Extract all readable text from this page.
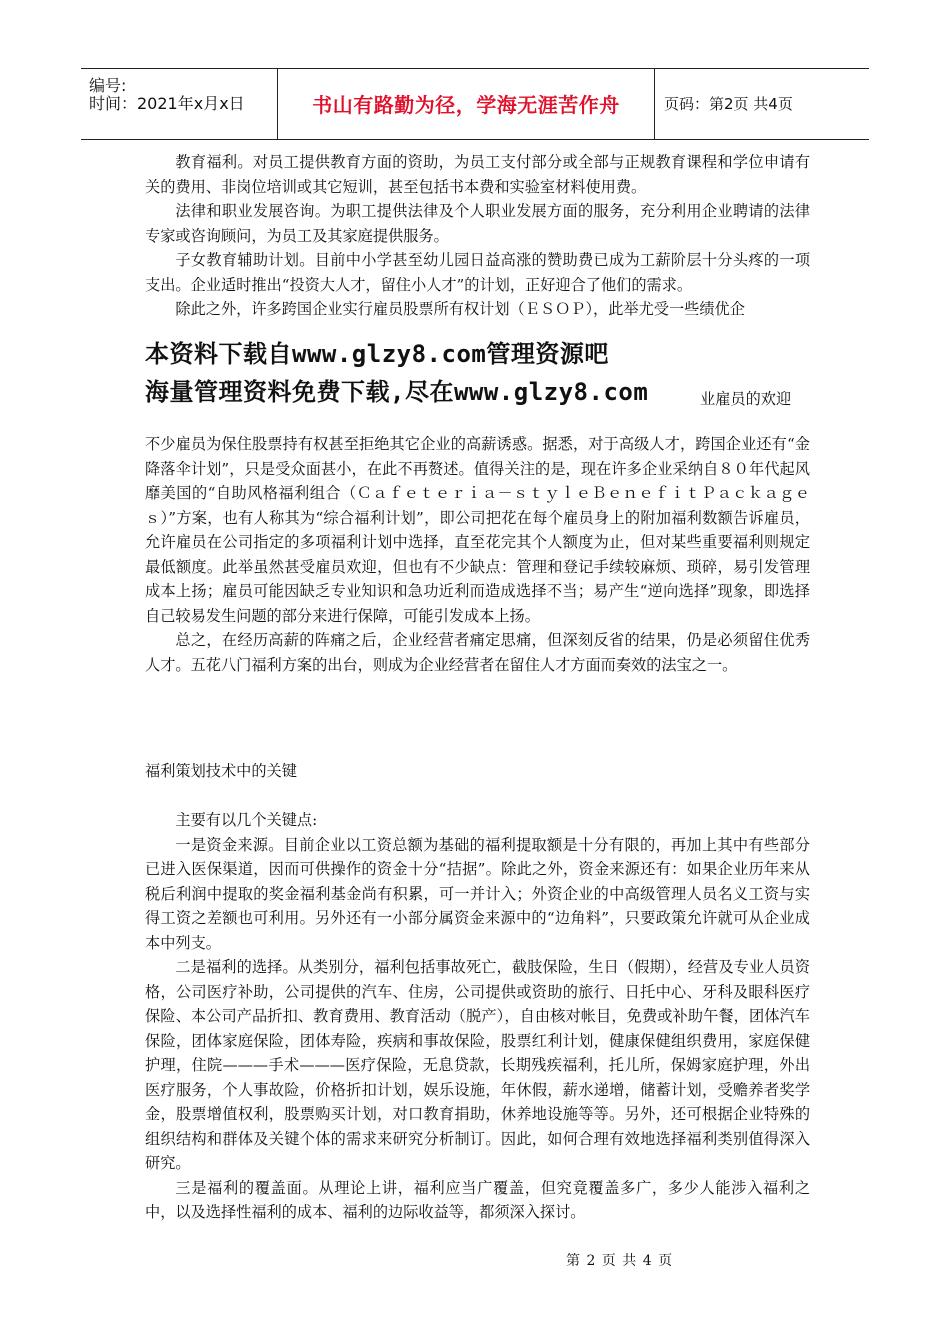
编号:
时间：2021年x月x日	书山有路勤为径，学海无涯苦作舟	页码：第2页 共4页

教育福利。对员工提供教育方面的资助，为员工支付部分或全部与正规教育课程和学位申请有关的费用、非岗位培训或其它短训，甚至包括书本费和实验室材料使用费。

法律和职业发展咨询。为职工提供法律及个人职业发展方面的服务，充分利用企业聘请的法律专家或咨询顾问，为员工及其家庭提供服务。

子女教育辅助计划。目前中小学甚至幼儿园日益高涨的赞助费已成为工薪阶层十分头疼的一项支出。企业适时推出“投资大人才，留住小人才”的计划，正好迎合了他们的需求。

除此之外，许多跨国企业实行雇员股票所有权计划（ＥＳＯＰ），此举尤受一些绩优企

本资料下载自www.glzy8.com管理资源吧
海量管理资料免费下载,尽在www.glzy8.com	业雇员的欢迎

不少雇员为保住股票持有权甚至拒绝其它企业的高薪诱惑。据悉，对于高级人才，跨国企业还有“金降落伞计划”，只是受众面甚小，在此不再赘述。值得关注的是，现在许多企业采纳自８０年代起风靡美国的“自助风格福利组合（Ｃａｆｅｔｅｒｉａ－ｓｔｙｌｅＢｅｎｅｆｉｔＰａｃｋａｇｅｓ）”方案，也有人称其为“综合福利计划”，即公司把花在每个雇员身上的附加福利数额告诉雇员，允许雇员在公司指定的多项福利计划中选择，直至花完其个人额度为止，但对某些重要福利则规定最低额度。此举虽然甚受雇员欢迎，但也有不少缺点：管理和登记手续较麻烦、琐碎，易引发管理成本上扬；雇员可能因缺乏专业知识和急功近利而造成选择不当；易产生“逆向选择”现象，即选择自己较易发生问题的部分来进行保障，可能引发成本上扬。

总之，在经历高薪的阵痛之后，企业经营者痛定思痛，但深刻反省的结果，仍是必须留住优秀人才。五花八门福利方案的出台，则成为企业经营者在留住人才方面而奏效的法宝之一。

福利策划技术中的关键

主要有以几个关键点:

一是资金来源。目前企业以工资总额为基础的福利提取额是十分有限的，再加上其中有些部分已进入医保渠道，因而可供操作的资金十分“拮据”。除此之外，资金来源还有：如果企业历年来从税后利润中提取的奖金福利基金尚有积累，可一并计入；外资企业的中高级管理人员名义工资与实得工资之差额也可利用。另外还有一小部分属资金来源中的“边角料”，只要政策允许就可从企业成本中列支。

二是福利的选择。从类别分，福利包括事故死亡，截肢保险，生日（假期），经营及专业人员资格，公司医疗补助，公司提供的汽车、住房，公司提供或资助的旅行、日托中心、牙科及眼科医疗保险、本公司产品折扣、教育费用、教育活动（脱产），自由核对帐目，免费或补助午餐，团体汽车保险，团体家庭保险，团体寿险，疾病和事故保险，股票红利计划，健康保健组织费用，家庭保健护理，住院———手术———医疗保险，无息贷款，长期残疾福利，托儿所，保姆家庭护理，外出医疗服务，个人事故险，价格折扣计划，娱乐设施，年休假，薪水递增，储蓄计划，受赡养者奖学金，股票增值权利，股票购买计划，对口教育捐助，休养地设施等等。另外，还可根据企业特殊的组织结构和群体及关键个体的需求来研究分析制订。因此，如何合理有效地选择福利类别值得深入研究。

三是福利的覆盖面。从理论上讲，福利应当广覆盖，但究竟覆盖多广，多少人能涉入福利之中，以及选择性福利的成本、福利的边际收益等，都须深入探讨。

第 2 页 共 4 页
